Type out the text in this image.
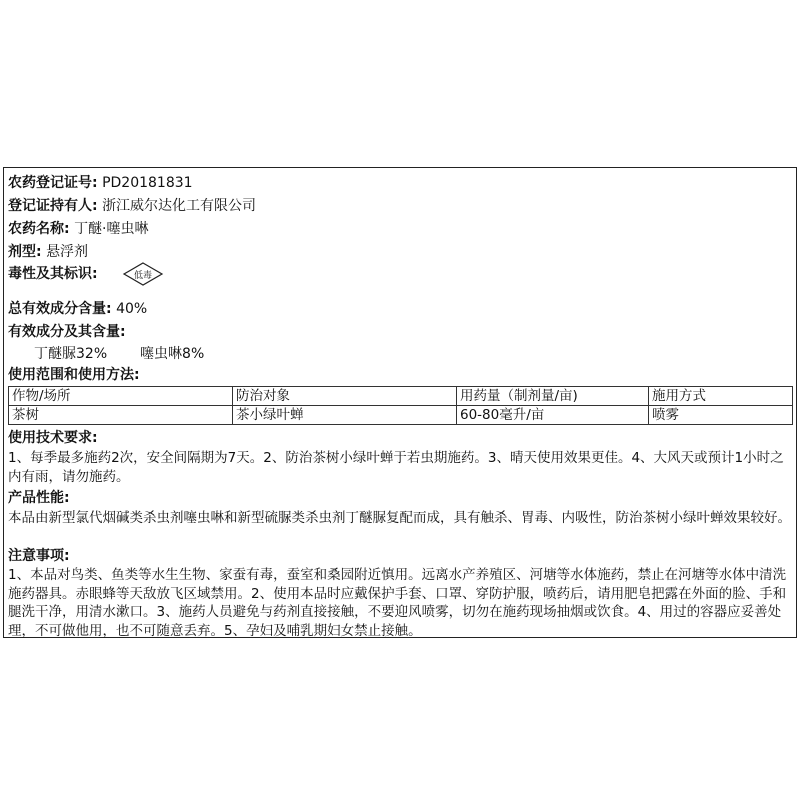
农药登记证号: PD20181831
登记证持有人: 浙江威尔达化工有限公司
农药名称: 丁醚·噻虫啉
剂型: 悬浮剂
毒性及其标识:	低毒
总有效成分含量: 40%
有效成分及其含量:
丁醚脲32% 噻虫啉8%
使用范围和使用方法:
作物/场所	防治对象	用药量（制剂量/亩)	施用方式
茶树	茶小绿叶蝉	60-80毫升/亩	喷雾
使用技术要求:
1、每季最多施药2次，安全间隔期为7天。2、防治茶树小绿叶蝉于若虫期施药。3、晴天使用效果更佳。4、大风天或预计1小时之内有雨，请勿施药。
产品性能:
本品由新型氯代烟碱类杀虫剂噻虫啉和新型硫脲类杀虫剂丁醚脲复配而成，具有触杀、胃毒、内吸性，防治茶树小绿叶蝉效果较好。
注意事项:
1、本品对鸟类、鱼类等水生生物、家蚕有毒，蚕室和桑园附近慎用。远离水产养殖区、河塘等水体施药，禁止在河塘等水体中清洗施药器具。赤眼蜂等天敌放飞区域禁用。2、使用本品时应戴保护手套、口罩、穿防护服，喷药后，请用肥皂把露在外面的脸、手和腿洗干净，用清水漱口。3、施药人员避免与药剂直接接触，不要迎风喷雾，切勿在施药现场抽烟或饮食。4、用过的容器应妥善处理，不可做他用，也不可随意丢弃。5、孕妇及哺乳期妇女禁止接触。
